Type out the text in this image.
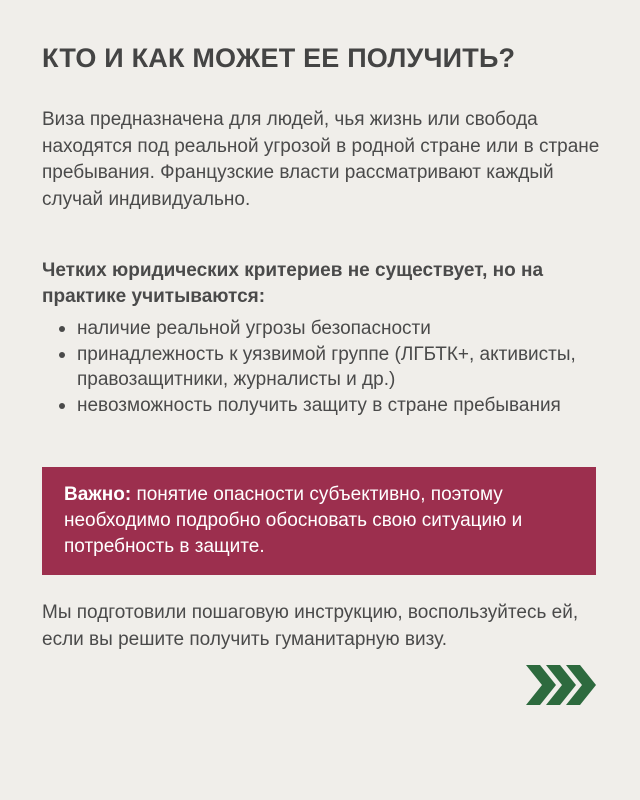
КТО И КАК МОЖЕТ ЕЕ ПОЛУЧИТЬ?

Виза предназначена для людей, чья жизнь или свобода находятся под реальной угрозой в родной стране или в стране пребывания. Французские власти рассматривают каждый случай индивидуально.

Четких юридических критериев не существует, но на практике учитываются:

наличие реальной угрозы безопасности
принадлежность к уязвимой группе (ЛГБТК+, активисты, правозащитники, журналисты и др.)
невозможность получить защиту в стране пребывания
Важно: понятие опасности субъективно, поэтому необходимо подробно обосновать свою ситуацию и потребность в защите.

Мы подготовили пошаговую инструкцию, воспользуйтесь ей, если вы решите получить гуманитарную визу.
